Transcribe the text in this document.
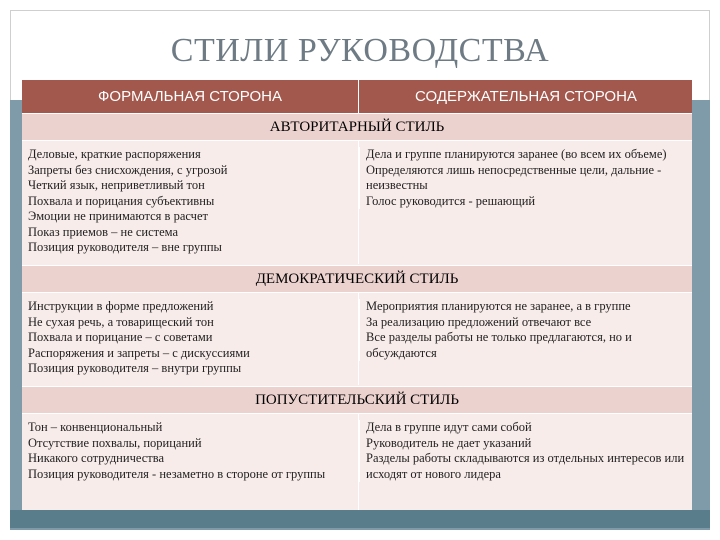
СТИЛИ РУКОВОДСТВА
ФОРМАЛЬНАЯ СТОРОНА	СОДЕРЖАТЕЛЬНАЯ СТОРОНА
АВТОРИТАРНЫЙ СТИЛЬ
Деловые, краткие распоряжения
Запреты без снисхождения, с угрозой
Четкий язык, неприветливый тон
Похвала и порицания субъективны
Эмоции не принимаются в расчет
Показ приемов – не система
Позиция руководителя – вне группы
Дела и группе планируются заранее (во всем их объеме)
Определяются лишь непосредственные цели, дальние - неизвестны
Голос руководится - решающий
ДЕМОКРАТИЧЕСКИЙ СТИЛЬ
Инструкции в форме предложений
Не сухая речь, а товарищеский тон
Похвала и порицание – с советами
Распоряжения и запреты – с дискуссиями
Позиция руководителя – внутри группы
Мероприятия планируются не заранее, а в группе
За реализацию предложений отвечают все
Все разделы работы не только предлагаются, но и обсуждаются
ПОПУСТИТЕЛЬСКИЙ СТИЛЬ
Тон – конвенциональный
Отсутствие похвалы, порицаний
Никакого сотрудничества
Позиция руководителя - незаметно в стороне от группы
Дела в группе идут сами собой
Руководитель не дает указаний
Разделы работы складываются из отдельных интересов или исходят от нового лидера
